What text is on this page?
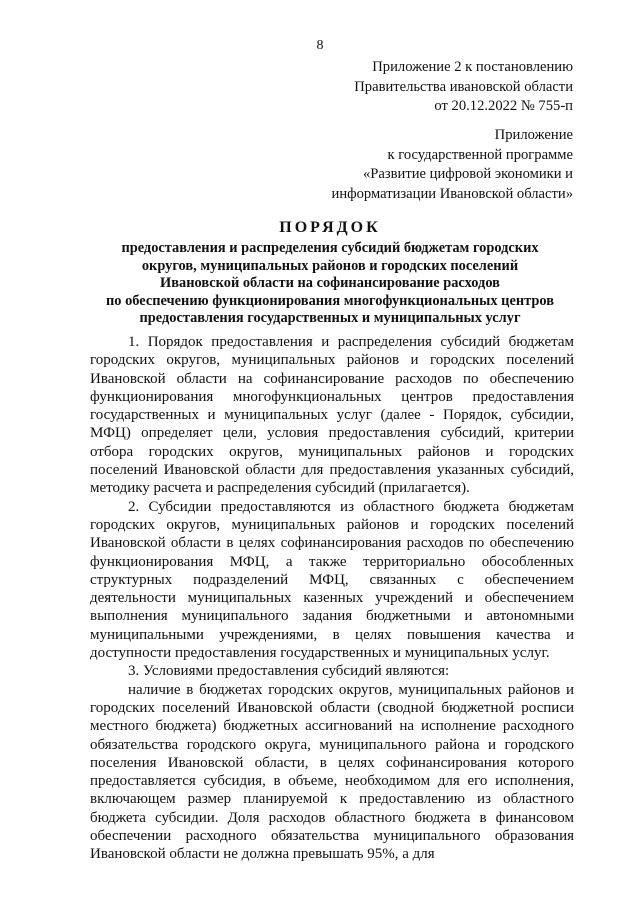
8
Приложение 2 к постановлению
Правительства ивановской области
от 20.12.2022 № 755-п
Приложение
к государственной программе
«Развитие цифровой экономики и
информатизации Ивановской области»
ПОРЯДОК
предоставления и распределения субсидий бюджетам городских
округов, муниципальных районов и городских поселений
Ивановской области на софинансирование расходов
по обеспечению функционирования многофункциональных центров
предоставления государственных и муниципальных услуг

1. Порядок предоставления и распределения субсидий бюджетам городских округов, муниципальных районов и городских поселений Ивановской области на софинансирование расходов по обеспечению функционирования многофункциональных центров предоставления государственных и муниципальных услуг (далее - Порядок, субсидии, МФЦ) определяет цели, условия предоставления субсидий, критерии отбора городских округов, муниципальных районов и городских поселений Ивановской области для предоставления указанных субсидий, методику расчета и распределения субсидий (прилагается).

2. Субсидии предоставляются из областного бюджета бюджетам городских округов, муниципальных районов и городских поселений Ивановской области в целях софинансирования расходов по обеспечению функционирования МФЦ, а также территориально обособленных структурных подразделений МФЦ, связанных с обеспечением деятельности муниципальных казенных учреждений и обеспечением выполнения муниципального задания бюджетными и автономными муниципальными учреждениями, в целях повышения качества и доступности предоставления государственных и муниципальных услуг.

3. Условиями предоставления субсидий являются:

наличие в бюджетах городских округов, муниципальных районов и городских поселений Ивановской области (сводной бюджетной росписи местного бюджета) бюджетных ассигнований на исполнение расходного обязательства городского округа, муниципального района и городского поселения Ивановской области, в целях софинансирования которого предоставляется субсидия, в объеме, необходимом для его исполнения, включающем размер планируемой к предоставлению из областного бюджета субсидии. Доля расходов областного бюджета в финансовом обеспечении расходного обязательства муниципального образования Ивановской области не должна превышать 95%, а для
